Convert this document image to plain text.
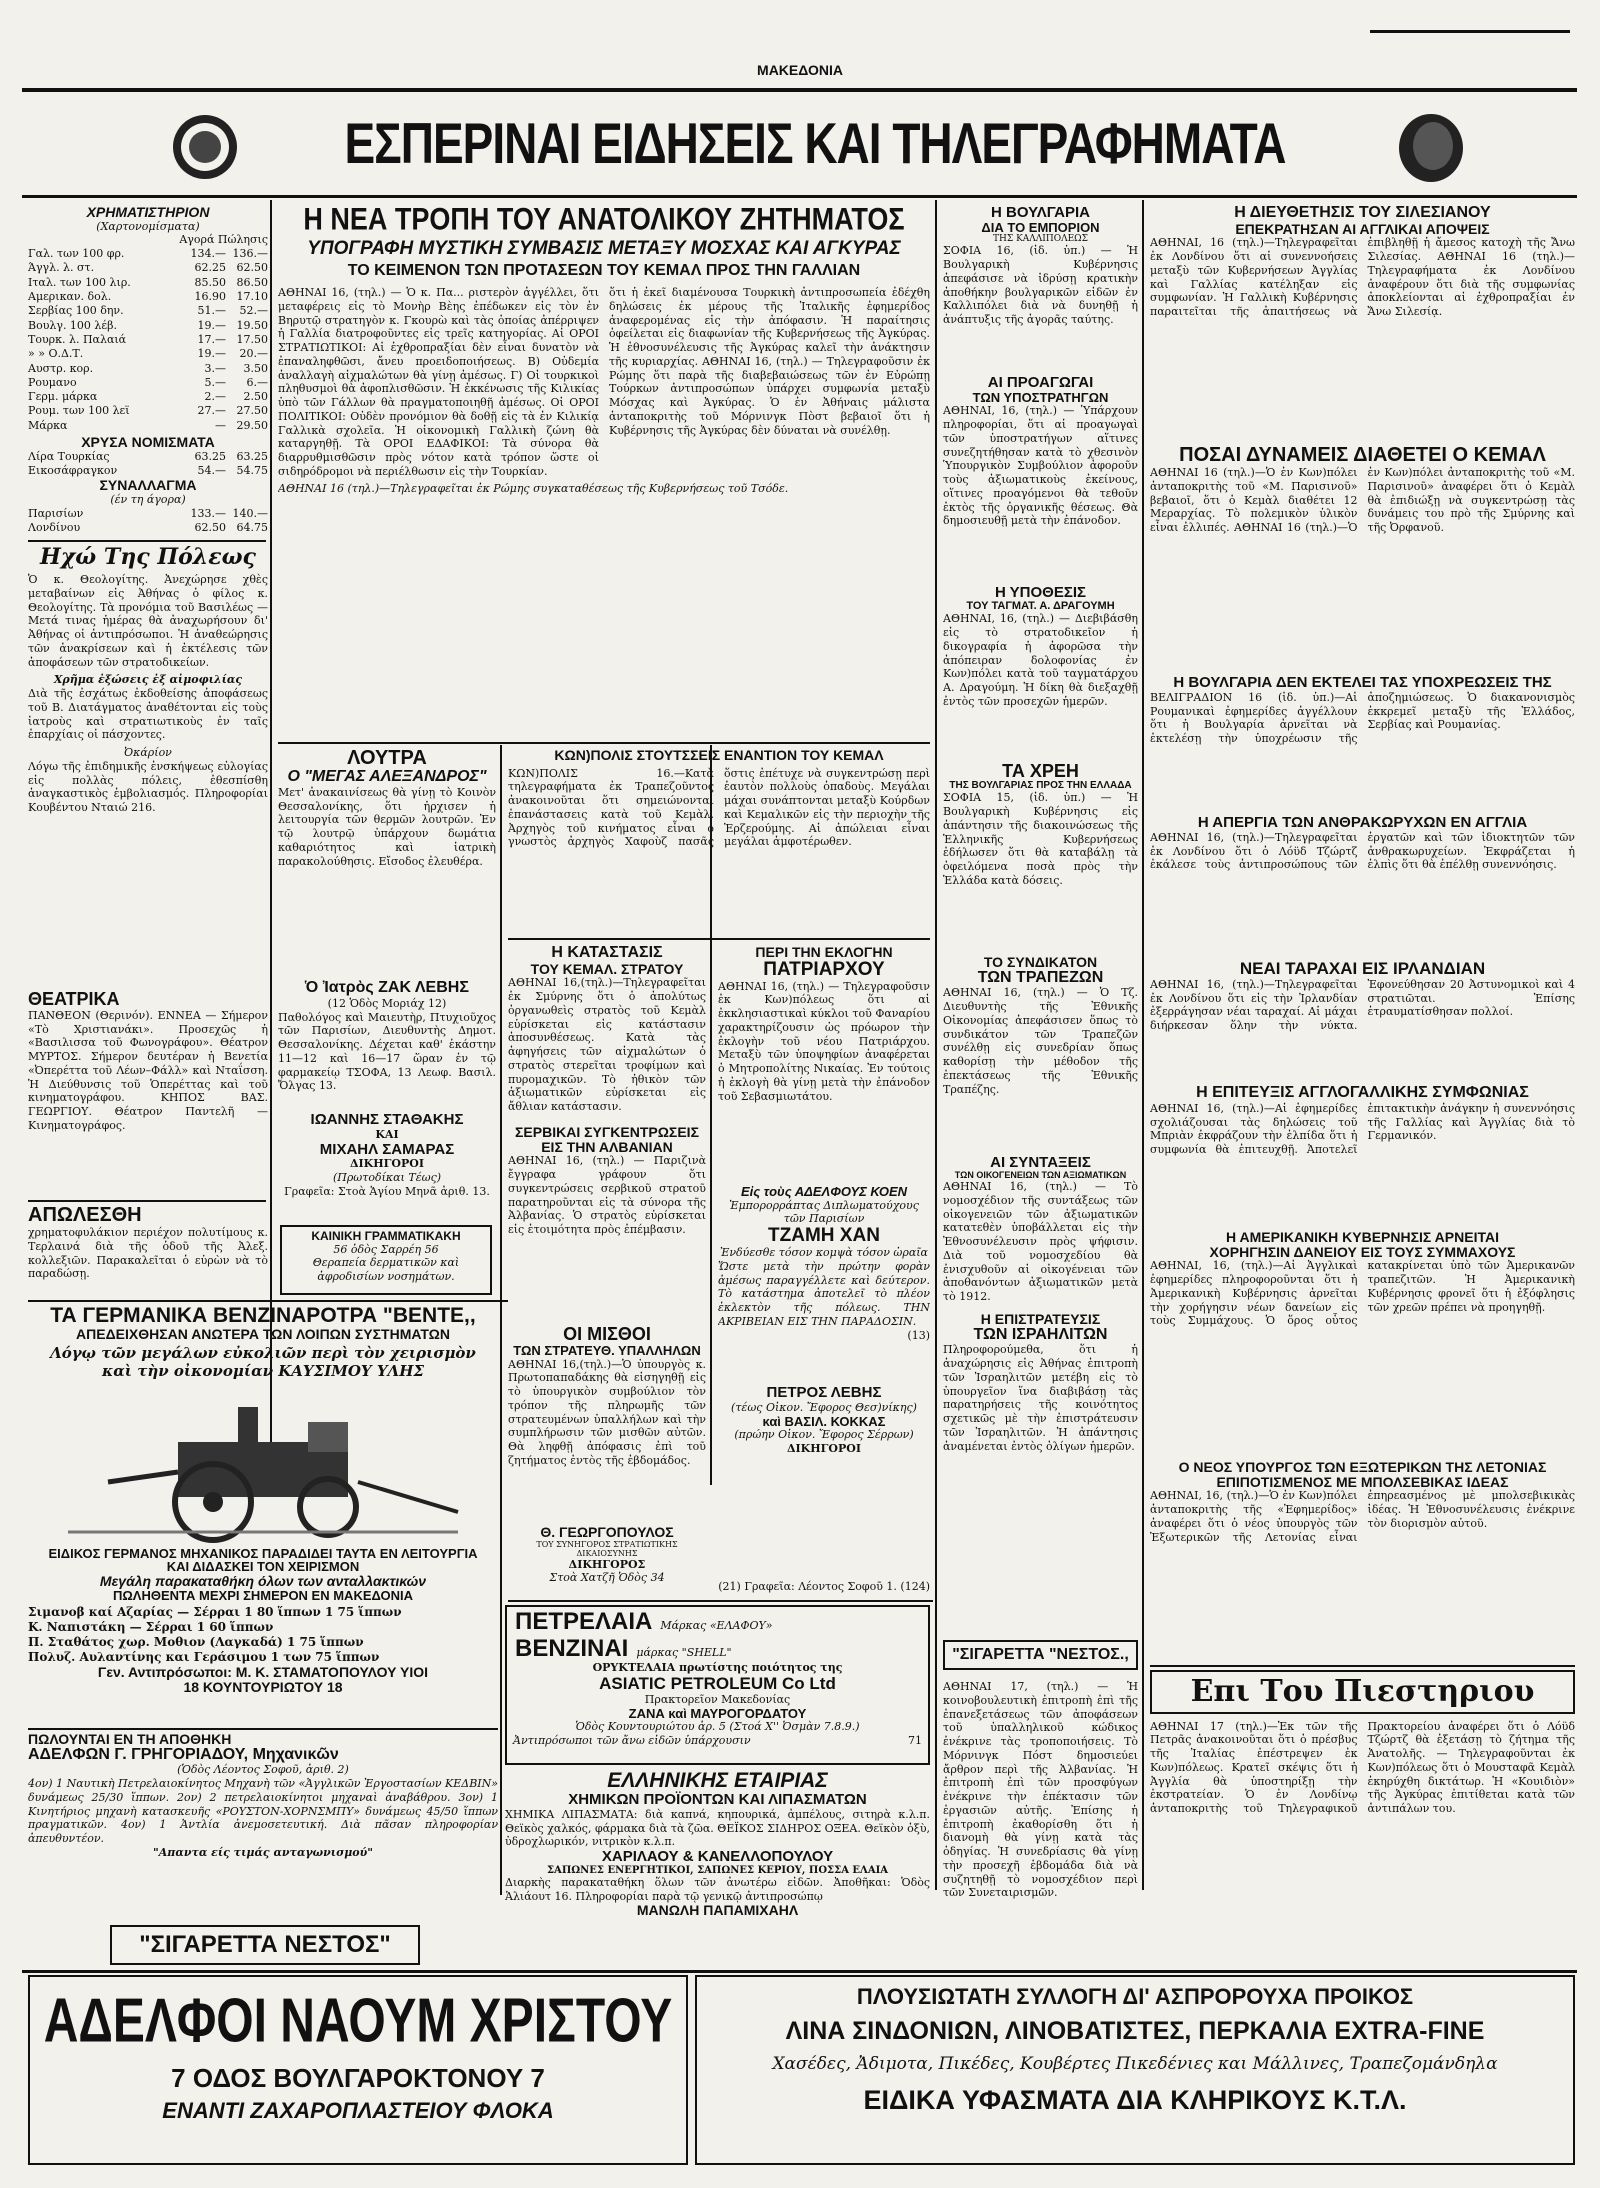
ΜΑΚΕΔΟΝΙΑ
ΕΣΠΕΡΙΝΑΙ ΕΙΔΗΣΕΙΣ ΚΑΙ ΤΗΛΕΓΡΑΦΗΜΑΤΑ
ΧΡΗΜΑΤΙΣΤΗΡΙΟΝ
(Χαρτονομίσματα)
Αγορά Πώλησις
Γαλ. των 100 φρ.	134.— 136.—
Άγγλ. λ. στ.	62.25 62.50
Ιταλ. των 100 λιρ.	85.50 86.50
Αμερικαν. δολ.	16.90 17.10
Σερβίας 100 δην.	51.—	52.—
Βουλγ. 100 λέβ.	19.— 19.50
Τουρκ. λ. Παλαιά	17.— 17.50
» » Ο.Δ.Τ.	19.—	20.—
Αυστρ. κορ.	3.—	3.50
Ρουμανο	5.—	6.—
Γερμ. μάρκα	2.—	2.50
Ρουμ. των 100 λεϊ	27.— 27.50
Μάρκα	— 29.50
ΧΡΥΣΑ ΝΟΜΙΣΜΑΤΑ
Λίρα Τουρκίας	63.25 63.25
Εικοσάφραγκον	54.— 54.75
ΣΥΝΑΛΛΑΓΜΑ
(έν τη άγορα)
Παρισίων	133.— 140.—
Λονδίνου	62.50 64.75
Ηχώ Της Πόλεως
Ὁ κ. Θεολογίτης. Ἀνεχώρησε χθὲς μεταβαίνων εἰς Ἀθήνας ὁ φίλος κ. Θεολογίτης. Τὰ προνόμια τοῦ Βασιλέως — Μετά τινας ἡμέρας θὰ ἀναχωρήσουν δι' Ἀθήνας οἱ ἀντιπρόσωποι. Ἡ ἀναθεώρησις τῶν ἀνακρίσεων καὶ ἡ ἐκτέλεσις τῶν ἀποφάσεων τῶν στρατοδικείων.
Χρῆμα ἐξώσεις ἐξ αἰμοφιλίας
Διὰ τῆς ἐσχάτως ἐκδοθείσης ἀποφάσεως τοῦ Β. Διατάγματος ἀναθέτονται εἰς τοὺς ἰατροὺς καὶ στρατιωτικοὺς ἐν ταῖς ἐπαρχίαις οἱ πάσχοντες.
Ὀκάρίον
Λόγω τῆς ἐπιδημικῆς ἐνσκήψεως εὐλογίας εἰς πολλὰς πόλεις, ἐθεσπίσθη ἀναγκαστικὸς ἐμβολιασμός. Πληροφορίαι Κουβέντου Νταιώ 216.
ΘΕΑΤΡΙΚΑ
ΠΑΝΘΕΟΝ (Θερινόν). ΕΝΝΕΑ — Σήμερον «Τὸ Χριστιανάκι». Προσεχῶς ἡ «Βασιλισσα τοῦ Φωνογράφου». Θέατρον ΜΥΡΤΟΣ. Σήμερον δευτέραν ἡ Βενετία «Ὀπερέττα τοῦ Λέων–Φάλλ» καὶ Νταΐσση. Ἡ Διεύθυνσις τοῦ Ὁπερέττας καὶ τοῦ κινηματογράφου. ΚΗΠΟΣ ΒΑΣ. ΓΕΩΡΓΙΟΥ. Θέατρον Παντελῆ — Κινηματογράφος.
ΑΠΩΛΕΣΘΗ
χρηματοφυλάκιον περιέχον πολυτίμους κ. Τερλαινά διὰ τῆς ὁδοῦ τῆς Ἀλεξ. κολλεξιῶν. Παρακαλεῖται ὁ εὑρὼν νὰ τὸ παραδώσῃ.
ΤΑ ΓΕΡΜΑΝΙΚΑ ΒΕΝΖΙΝΑΡΟΤΡΑ "ΒΕΝΤΕ,,
ΑΠΕΔΕΙΧΘΗΣΑΝ ΑΝΩΤΕΡΑ ΤΩΝ ΛΟΙΠΩΝ ΣΥΣΤΗΜΑΤΩΝ
Λόγῳ τῶν μεγάλων εὐκολιῶν περὶ τὸν χειρισμὸν καὶ τὴν οἰκονομίαν ΚΑΥΣΙΜΟΥ ΥΛΗΣ
ΕΙΔΙΚΟΣ ΓΕΡΜΑΝΟΣ ΜΗΧΑΝΙΚΟΣ ΠΑΡΑΔΙΔΕΙ ΤΑΥΤΑ ΕΝ ΛΕΙΤΟΥΡΓΙΑ
ΚΑΙ ΔΙΔΑΣΚΕΙ ΤΟΝ ΧΕΙΡΙΣΜΟΝ
Μεγάλη παρακαταθήκη όλων των ανταλλακτικών
ΠΩΛΗΘΕΝΤΑ ΜΕΧΡΙ ΣΗΜΕΡΟΝ ΕΝ ΜΑΚΕΔΟΝΙΑ
Σιμανοβ καί Αζαρίας — Σέρραι 1 80 ἵππων 1 75 ἵππων
Κ. Ναπιστάκη — Σέρραι 1 60 ἵππων
Π. Σταθάτος χωρ. Μοθιον (Λαγκαδά) 1 75 ἵππων
Πολυζ. Αυλαντίνης και Γεράσιμου 1 των 75 ἵππων
Γεν. Αντιπρόσωποι: Μ. Κ. ΣΤΑΜΑΤΟΠΟΥΛΟΥ ΥΙΟΙ
18 ΚΟΥΝΤΟΥΡΙΩΤΟΥ 18
ΠΩΛΟΥΝΤΑΙ ΕΝ ΤΗ ΑΠΟΘΗΚΗ
ΑΔΕΛΦΩΝ Γ. ΓΡΗΓΟΡΙΑΔΟΥ, Μηχανικῶν
(Ὁδὸς Λέοντος Σοφοῦ, ἀριθ. 2)
4ον) 1 Ναυτικὴ Πετρελαιοκίνητος Μηχανὴ τῶν «Ἀγγλικῶν Ἐργοστασίων ΚΕΔΒΙΝ» δυνάμεως 25/30 ἵππων. 2ον) 2 πετρελαιοκίνητοι μηχαναὶ ἀναβάθρου. 3ον) 1 Κινητήριος μηχανὴ κατασκευῆς «ΡΟΥΣΤΟΝ-ΧΟΡΝΣΜΠΥ» δυνάμεως 45/50 ἵππων πραγματικῶν. 4ον) 1 Ἀντλία ἀνεμοσετευτική. Διὰ πᾶσαν πληροφορίαν ἀπευθυντέον.
"Απαντα είς τιμάς ανταγωνισμού"
"ΣΙΓΑΡΕΤΤΑ ΝΕΣΤΟΣ"
Η ΝΕΑ ΤΡΟΠΗ ΤΟΥ ΑΝΑΤΟΛΙΚΟΥ ΖΗΤΗΜΑΤΟΣ
ΥΠΟΓΡΑΦΗ ΜΥΣΤΙΚΗ ΣΥΜΒΑΣΙΣ ΜΕΤΑΞΥ ΜΟΣΧΑΣ ΚΑΙ ΑΓΚΥΡΑΣ
ΤΟ ΚΕΙΜΕΝΟΝ ΤΩΝ ΠΡΟΤΑΣΕΩΝ ΤΟΥ ΚΕΜΑΛ ΠΡΟΣ ΤΗΝ ΓΑΛΛΙΑΝ
ΑΘΗΝΑΙ 16, (τηλ.) — Ὁ κ. Πα... ριστερὸν ἀγγέλλει, ὅτι μεταφέρεις εἰς τὸ Μονὴρ Βὲης ἐπέδωκεν εἰς τὸν ἐν Βηρυτῷ στρατηγὸν κ. Γκουρὼ καὶ τὰς ὁποίας ἀπέρριψεν ἡ Γαλλία διατροφοῦντες εἰς τρεῖς κατηγορίας. Αἱ ΟΡΟΙ ΣΤΡΑΤΙΩΤΙΚΟΙ: Αἱ ἐχθροπραξίαι δὲν εἶναι δυνατὸν νὰ ἐπαναληφθῶσι, ἄνευ προειδοποιήσεως. Β) Οὐδεμία ἀναλλαγὴ αἰχμαλώτων θὰ γίνῃ ἀμέσως. Γ) Οἱ τουρκικοὶ πληθυσμοὶ θὰ ἀφοπλισθῶσιν. Ἡ ἐκκένωσις τῆς Κιλικίας ὑπὸ τῶν Γάλλων θὰ πραγματοποιηθῇ ἀμέσως. Οἱ ΟΡΟΙ ΠΟΛΙΤΙΚΟΙ: Οὐδὲν προνόμιον θὰ δοθῇ εἰς τὰ ἐν Κιλικίᾳ Γαλλικὰ σχολεῖα. Ἡ οἰκονομικὴ Γαλλικὴ ζώνη θὰ καταργηθῇ. Τὰ ΟΡΟΙ ΕΔΑΦΙΚΟΙ: Τὰ σύνορα θὰ διαρρυθμισθῶσιν πρὸς νότον κατὰ τρόπον ὥστε οἱ σιδηρόδρομοι νὰ περιέλθωσιν εἰς τὴν Τουρκίαν.
ὅτι ἡ ἐκεῖ διαμένουσα Τουρκικὴ ἀντιπροσωπεία ἐδέχθη δηλώσεις ἐκ μέρους τῆς Ἰταλικῆς ἐφημερίδος ἀναφερομένας εἰς τὴν ἀπόφασιν. Ἡ παραίτησις ὀφείλεται εἰς διαφωνίαν τῆς Κυβερνήσεως τῆς Ἀγκύρας. Ἡ ἐθνοσυνέλευσις τῆς Ἀγκύρας καλεῖ τὴν ἀνάκτησιν τῆς κυριαρχίας. ΑΘΗΝΑΙ 16, (τηλ.) — Τηλεγραφοῦσιν ἐκ Ρώμης ὅτι παρὰ τῆς διαβεβαιώσεως τῶν ἐν Εὐρώπῃ Τούρκων ἀντιπροσώπων ὑπάρχει συμφωνία μεταξὺ Μόσχας καὶ Ἀγκύρας. Ὁ ἐν Ἀθήναις μάλιστα ἀνταποκριτὴς τοῦ Μόρνινγκ Πὸστ βεβαιοῖ ὅτι ἡ Κυβέρνησις τῆς Ἀγκύρας δὲν δύναται νὰ συνέλθῃ.
ΑΘΗΝΑΙ 16 (τηλ.)—Τηλεγραφεῖται ἐκ Ρώμης συγκαταθέσεως τῆς Κυβερνήσεως τοῦ Τσόδε.
ΛΟΥΤΡΑ
Ο "ΜΕΓΑΣ ΑΛΕΞΑΝΔΡΟΣ"
Μετ' ἀνακαινίσεως θὰ γίνῃ τὸ Κοινὸν Θεσσαλονίκης, ὅτι ἠρχισεν ἡ λειτουργία τῶν θερμῶν λουτρῶν. Ἐν τῷ λουτρῷ ὑπάρχουν δωμάτια καθαριότητος καὶ ἰατρικὴ παρακολούθησις. Εἴσοδος ἐλευθέρα.
Ὁ Ἰατρὸς ΖΑΚ ΛΕΒΗΣ
(12 Ὁδὸς Μοριάχ 12)
Παθολόγος καὶ Μαιευτὴρ, Πτυχιοῦχος τῶν Παρισίων, Διευθυντὴς Δημοτ. Θεσσαλονίκης. Δέχεται καθ' ἑκάστην 11—12 καὶ 16—17 ὥραν ἐν τῷ φαρμακείῳ ΤΣΟΦΑ, 13 Λεωφ. Βασιλ. Ὄλγας 13.
ΙΩΑΝΝΗΣ ΣΤΑΘΑΚΗΣ
ΚΑΙ
ΜΙΧΑΗΛ ΣΑΜΑΡΑΣ
ΔΙΚΗΓΟΡΟΙ
(Πρωτοδίκαι Τέως)
Γραφεῖα: Στοὰ Ἁγίου Μηνᾶ ἀριθ. 13.
ΚΑΙΝΙΚΗ ΓΡΑΜΜΑΤΙΚΑΚΗ
56 ὁδὸς Σαρρέη 56
Θεραπεία δερματικῶν καὶ ἀφροδισίων νοσημάτων.
ΚΩΝ)ΠΟΛΙΣ ΣΤΟΥΤΣΣΕΙΣ ΕΝΑΝΤΙΟΝ ΤΟΥ ΚΕΜΑΛ
ΚΩΝ)ΠΟΛΙΣ 16.—Κατὰ τηλεγραφήματα ἐκ Τραπεζοῦντος ἀνακοινοῦται ὅτι σημειώνονται ἐπανάστασεις κατὰ τοῦ Κεμὰλ. Ἀρχηγὸς τοῦ κινήματος εἶναι ὁ γνωστὸς ἀρχηγὸς Χαφοὺζ πασᾶς ὅστις ἐπέτυχε νὰ συγκεντρώσῃ περὶ ἑαυτὸν πολλοὺς ὁπαδοὺς. Μεγάλαι μάχαι συνάπτονται μεταξὺ Κούρδων καὶ Κεμαλικῶν εἰς τὴν περιοχὴν τῆς Ἐρζερούμης. Αἱ ἀπώλειαι εἶναι μεγάλαι ἀμφοτέρωθεν.
Η ΚΑΤΑΣΤΑΣΙΣ
ΤΟΥ ΚΕΜΑΛ. ΣΤΡΑΤΟΥ
ΑΘΗΝΑΙ 16,(τηλ.)—Τηλεγραφεῖται ἐκ Σμύρνης ὅτι ὁ ἀπολύτως ὀργανωθεὶς στρατὸς τοῦ Κεμὰλ εὑρίσκεται εἰς κατάστασιν ἀποσυνθέσεως. Κατὰ τὰς ἀφηγήσεις τῶν αἰχμαλώτων ὁ στρατὸς στερεῖται τροφίμων καὶ πυρομαχικῶν. Τὸ ἠθικὸν τῶν ἀξιωματικῶν εὑρίσκεται εἰς ἄθλιαν κατάστασιν.
ΣΕΡΒΙΚΑΙ ΣΥΓΚΕΝΤΡΩΣΕΙΣ
ΕΙΣ ΤΗΝ ΑΛΒΑΝΙΑΝ
ΑΘΗΝΑΙ 16, (τηλ.) — Παριζινὰ ἔγγραφα γράφουν ὅτι συγκεντρώσεις σερβικοῦ στρατοῦ παρατηροῦνται εἰς τὰ σύνορα τῆς Ἀλβανίας. Ὁ στρατὸς εὑρίσκεται εἰς ἑτοιμότητα πρὸς ἐπέμβασιν.
ΟΙ ΜΙΣΘΟΙ
ΤΩΝ ΣΤΡΑΤΕΥΘ. ΥΠΑΛΛΗΛΩΝ
ΑΘΗΝΑΙ 16,(τηλ.)—Ὁ ὑπουργὸς κ. Πρωτοπαπαδάκης θὰ εἰσηγηθῇ εἰς τὸ ὑπουργικὸν συμβούλιον τὸν τρόπον τῆς πληρωμῆς τῶν στρατευμένων ὑπαλλήλων καὶ τὴν συμπλήρωσιν τῶν μισθῶν αὐτῶν. Θὰ ληφθῇ ἀπόφασις ἐπὶ τοῦ ζητήματος ἐντὸς τῆς ἑβδομάδος.
Θ. ΓΕΩΡΓΟΠΟΥΛΟΣ
ΤΟΥ ΣΥΝΗΓΟΡΟΣ ΣΤΡΑΤΙΩΤΙΚΗΣ ΔΙΚΑΙΟΣΥΝΗΣ
ΔΙΚΗΓΟΡΟΣ
Στοὰ Χατζῆ Ὁδὸς 34
ΠΕΡΙ ΤΗΝ ΕΚΛΟΓΗΝ
ΠΑΤΡΙΑΡΧΟΥ
ΑΘΗΝΑΙ 16, (τηλ.) — Τηλεγραφοῦσιν ἐκ Κων)πόλεως ὅτι αἱ ἐκκλησιαστικαὶ κύκλοι τοῦ Φαναρίου χαρακτηρίζουσιν ὡς πρόωρον τὴν ἐκλογὴν τοῦ νέου Πατριάρχου. Μεταξὺ τῶν ὑποψηφίων ἀναφέρεται ὁ Μητροπολίτης Νικαίας. Ἐν τούτοις ἡ ἐκλογὴ θὰ γίνῃ μετὰ τὴν ἐπάνοδον τοῦ Σεβασμιωτάτου.
Εἰς τοὺς ΑΔΕΛΦΟΥΣ ΚΟΕΝ
Ἐμπορορράπτας Διπλωματούχους τῶν Παρισίων
ΤΖΑΜΗ ΧΑΝ
Ἐνδύεσθε τόσον κομψὰ τόσον ὡραῖα
Ὥστε μετὰ τὴν πρώτην φορὰν ἀμέσως παραγγέλλετε καὶ δεύτερον. Τὸ κατάστημα ἀποτελεῖ τὸ πλέον ἐκλεκτὸν τῆς πόλεως. ΤΗΝ ΑΚΡΙΒΕΙΑΝ ΕΙΣ ΤΗΝ ΠΑΡΑΔΟΣΙΝ.
(13)
ΠΕΤΡΟΣ ΛΕΒΗΣ
(τέως Οἰκον. Ἔφορος Θεσ)νίκης)
καὶ ΒΑΣΙΛ. ΚΟΚΚΑΣ
(πρώην Οἰκον. Ἔφορος Σέρρων)
ΔΙΚΗΓΟΡΟΙ
(21) Γραφεῖα: Λέοντος Σοφοῦ 1. (124)
ΠΕΤΡΕΛΑΙΑ Μάρκας «ΕΛΑΦΟΥ»
BENZINAI μάρκας "SHELL"
ΟΡΥΚΤΕΛΑΙΑ πρωτίστης ποιότητος της
ASIATIC PETROLEUM Co Ltd
Πρακτορεῖον Μακεδονίας
ΖΑΝΑ καὶ ΜΑΥΡΟΓΟΡΔΑΤΟΥ
Ὁδὸς Κουντουριώτου ἀρ. 5 (Στοά Χ'' Ὀσμὰν 7.8.9.)
Ἀντιπρόσωποι τῶν ἄνω εἰδῶν ὑπάρχουσιν	71
ΕΛΛΗΝΙΚΗΣ ΕΤΑΙΡΙΑΣ
ΧΗΜΙΚΩΝ ΠΡΟΪΟΝΤΩΝ ΚΑΙ ΛΙΠΑΣΜΑΤΩΝ
ΧΗΜΙΚΑ ΛΙΠΑΣΜΑΤΑ: διὰ καπνά, κηπουρικά, ἀμπέλους, σιτηρὰ κ.λ.π. Θεϊκὸς χαλκός, φάρμακα διὰ τὰ ζῶα. ΘΕΪΚΟΣ ΣΙΔΗΡΟΣ ΟΞΕΑ. Θεϊκὸν ὀξὺ, ὑδροχλωρικόν, νιτρικὸν κ.λ.π.
ΧΑΡΙΛΑΟΥ & ΚΑΝΕΛΛΟΠΟΥΛΟΥ
ΣΑΠΩΝΕΣ ΕΝΕΡΓΗΤΙΚΟΙ, ΣΑΠΩΝΕΣ ΚΕΡΙΟΥ, ΠΟΣΣΑ ΕΛΑΙΑ
Διαρκὴς παρακαταθήκη ὅλων τῶν ἀνωτέρω εἰδῶν. Ἀποθῆκαι: Ὁδὸς Ἁλιάουτ 16. Πληροφορίαι παρὰ τῷ γενικῷ ἀντιπροσώπῳ
ΜΑΝΩΛΗ ΠΑΠΑΜΙΧΑΗΛ
Η ΒΟΥΛΓΑΡΙΑ
ΔΙΑ ΤΟ ΕΜΠΟΡΙΟΝ
ΤΗΣ ΚΑΛΛΙΠΟΛΕΩΣ
ΣΟΦΙΑ 16, (ἰδ. ὑπ.) — Ἡ Βουλγαρικὴ Κυβέρνησις ἀπεφάσισε νὰ ἱδρύσῃ κρατικὴν ἀποθήκην βουλγαρικῶν εἰδῶν ἐν Καλλιπόλει διὰ νὰ δυνηθῇ ἡ ἀνάπτυξις τῆς ἀγορᾶς ταύτης.
ΑΙ ΠΡΟΑΓΩΓΑΙ
ΤΩΝ ΥΠΟΣΤΡΑΤΗΓΩΝ
ΑΘΗΝΑΙ, 16, (τηλ.) — Ὑπάρχουν πληροφορίαι, ὅτι αἱ προαγωγαὶ τῶν ὑποστρατήγων αἵτινες συνεζητήθησαν κατὰ τὸ χθεσινὸν Ὑπουργικὸν Συμβούλιον ἀφοροῦν τοὺς ἀξιωματικοὺς ἐκείνους, οἵτινες προαγόμενοι θὰ τεθοῦν ἐκτὸς τῆς ὀργανικῆς θέσεως. Θὰ δημοσιευθῇ μετὰ τὴν ἐπάνοδον.
Η ΥΠΟΘΕΣΙΣ
ΤΟΥ ΤΑΓΜΑΤ. Α. ΔΡΑΓΟΥΜΗ
ΑΘΗΝΑΙ, 16, (τηλ.) — Διεβιβάσθη εἰς τὸ στρατοδικεῖον ἡ δικογραφία ἡ ἀφορῶσα τὴν ἀπόπειραν δολοφονίας ἐν Κων)πόλει κατὰ τοῦ ταγματάρχου Α. Δραγούμη. Ἡ δίκη θὰ διεξαχθῇ ἐντὸς τῶν προσεχῶν ἡμερῶν.
ΤΑ ΧΡΕΗ
ΤΗΣ ΒΟΥΛΓΑΡΙΑΣ ΠΡΟΣ ΤΗΝ ΕΛΛΑΔΑ
ΣΟΦΙΑ 15, (ἰδ. ὑπ.) — Ἡ Βουλγαρικὴ Κυβέρνησις εἰς ἀπάντησιν τῆς διακοινώσεως τῆς Ἑλληνικῆς Κυβερνήσεως ἐδήλωσεν ὅτι θὰ καταβάλῃ τὰ ὀφειλόμενα ποσὰ πρὸς τὴν Ἑλλάδα κατὰ δόσεις.
ΤΟ ΣΥΝΔΙΚΑΤΟΝ
ΤΩΝ ΤΡΑΠΕΖΩΝ
ΑΘΗΝΑΙ 16, (τηλ.) — Ὁ Τζ. Διευθυντὴς τῆς Ἐθνικῆς Οἰκονομίας ἀπεφάσισεν ὅπως τὸ συνδικάτον τῶν Τραπεζῶν συνέλθῃ εἰς συνεδρίαν ὅπως καθορίσῃ τὴν μέθοδον τῆς ἐπεκτάσεως τῆς Ἐθνικῆς Τραπέζης.
ΑΙ ΣΥΝΤΑΞΕΙΣ
ΤΩΝ ΟΙΚΟΓΕΝΕΙΩΝ ΤΩΝ ΑΞΙΩΜΑΤΙΚΩΝ
ΑΘΗΝΑΙ 16, (τηλ.) — Τὸ νομοσχέδιον τῆς συντάξεως τῶν οἰκογενειῶν τῶν ἀξιωματικῶν κατατεθὲν ὑποβάλλεται εἰς τὴν Ἐθνοσυνέλευσιν πρὸς ψήφισιν. Διὰ τοῦ νομοσχεδίου θὰ ἐνισχυθοῦν αἱ οἰκογένειαι τῶν ἀποθανόντων ἀξιωματικῶν μετὰ τὸ 1912.
Η ΕΠΙΣΤΡΑΤΕΥΣΙΣ
ΤΩΝ ΙΣΡΑΗΛΙΤΩΝ
Πληροφορούμεθα, ὅτι ἡ ἀναχώρησις εἰς Ἀθήνας ἐπιτροπὴ τῶν Ἰσραηλιτῶν μετέβη εἰς τὸ ὑπουργεῖον ἵνα διαβιβάσῃ τὰς παρατηρήσεις τῆς κοινότητος σχετικῶς μὲ τὴν ἐπιστράτευσιν τῶν Ἰσραηλιτῶν. Ἡ ἀπάντησις ἀναμένεται ἐντὸς ὀλίγων ἡμερῶν.
"ΣΙΓΑΡΕΤΤΑ "ΝΕΣΤΟΣ.,
ΑΘΗΝΑΙ 17, (τηλ.) — Ἡ κοινοβουλευτικὴ ἐπιτροπὴ ἐπὶ τῆς ἐπανεξετάσεως τῶν ἀποφάσεων τοῦ ὑπαλληλικοῦ κώδικος ἐνέκρινε τὰς τροποποιήσεις. Τὸ Μόρνινγκ Πόστ δημοσιεύει ἄρθρον περὶ τῆς Ἀλβανίας. Ἡ ἐπιτροπὴ ἐπὶ τῶν προσφύγων ἐνέκρινε τὴν ἐπέκτασιν τῶν ἐργασιῶν αὐτῆς. Ἐπίσης ἡ ἐπιτροπὴ ἐκαθορίσθη ὅτι ἡ διανομὴ θὰ γίνῃ κατὰ τὰς ὁδηγίας. Ἡ συνεδρίασις θὰ γίνῃ τὴν προσεχῆ ἑβδομάδα διὰ νὰ συζητηθῇ τὸ νομοσχέδιον περὶ τῶν Συνεταιρισμῶν.
Η ΔΙΕΥΘΕΤΗΣΙΣ ΤΟΥ ΣΙΛΕΣΙΑΝΟΥ
ΕΠΕΚΡΑΤΗΣΑΝ ΑΙ ΑΓΓΛΙΚΑΙ ΑΠΟΨΕΙΣ
ΑΘΗΝΑΙ, 16 (τηλ.)—Τηλεγραφεῖται ἐκ Λονδίνου ὅτι αἱ συνεννοήσεις μεταξὺ τῶν Κυβερνήσεων Ἀγγλίας καὶ Γαλλίας κατέληξαν εἰς συμφωνίαν. Ἡ Γαλλικὴ Κυβέρνησις παραιτεῖται τῆς ἀπαιτήσεως νὰ ἐπιβληθῇ ἡ ἄμεσος κατοχὴ τῆς Ἄνω Σιλεσίας. ΑΘΗΝΑΙ 16 (τηλ.)—Τηλεγραφήματα ἐκ Λονδίνου ἀναφέρουν ὅτι διὰ τῆς συμφωνίας ἀποκλείονται αἱ ἐχθροπραξίαι ἐν Ἄνω Σιλεσίᾳ.
ΠΟΣΑΙ ΔΥΝΑΜΕΙΣ ΔΙΑΘΕΤΕΙ Ο ΚΕΜΑΛ
ΑΘΗΝΑΙ 16 (τηλ.)—Ὁ ἐν Κων)πόλει ἀνταποκριτὴς τοῦ «Μ. Παρισινοῦ» βεβαιοῖ, ὅτι ὁ Κεμὰλ διαθέτει 12 Μεραρχίας. Τὸ πολεμικὸν ὑλικὸν εἶναι ἐλλιπές. ΑΘΗΝΑΙ 16 (τηλ.)—Ὁ ἐν Κων)πόλει ἀνταποκριτὴς τοῦ «Μ. Παρισινοῦ» ἀναφέρει ὅτι ὁ Κεμὰλ θὰ ἐπιδιώξῃ νὰ συγκεντρώσῃ τὰς δυνάμεις του πρὸ τῆς Σμύρνης καὶ τῆς Ὀρφανοῦ.
Η ΒΟΥΛΓΑΡΙΑ ΔΕΝ ΕΚΤΕΛΕΙ ΤΑΣ ΥΠΟΧΡΕΩΣΕΙΣ ΤΗΣ
ΒΕΛΙΓΡΑΔΙΟΝ 16 (ἰδ. ὑπ.)—Αἱ Ρουμανικαὶ ἐφημερίδες ἀγγέλλουν ὅτι ἡ Βουλγαρία ἀρνεῖται νὰ ἐκτελέσῃ τὴν ὑποχρέωσιν τῆς ἀποζημιώσεως. Ὁ διακανονισμὸς ἐκκρεμεῖ μεταξὺ τῆς Ἑλλάδος, Σερβίας καὶ Ρουμανίας.
Η ΑΠΕΡΓΙΑ ΤΩΝ ΑΝΘΡΑΚΩΡΥΧΩΝ ΕΝ ΑΓΓΛΙΑ
ΑΘΗΝΑΙ 16, (τηλ.)—Τηλεγραφεῖται ἐκ Λονδίνου ὅτι ὁ Λόϋδ Τζώρτζ ἐκάλεσε τοὺς ἀντιπροσώπους τῶν ἐργατῶν καὶ τῶν ἰδιοκτητῶν τῶν ἀνθρακωρυχείων. Ἐκφράζεται ἡ ἐλπὶς ὅτι θὰ ἐπέλθῃ συνεννόησις.
ΝΕΑΙ ΤΑΡΑΧΑΙ ΕΙΣ ΙΡΛΑΝΔΙΑΝ
ΑΘΗΝΑΙ 16, (τηλ.)—Τηλεγραφεῖται ἐκ Λονδίνου ὅτι εἰς τὴν Ἰρλανδίαν ἐξερράγησαν νέαι ταραχαί. Αἱ μάχαι διήρκεσαν ὅλην τὴν νύκτα. Ἐφονεύθησαν 20 Ἀστυνομικοὶ καὶ 4 στρατιῶται. Ἐπίσης ἐτραυματίσθησαν πολλοί.
Η ΕΠΙΤΕΥΞΙΣ ΑΓΓΛΟΓΑΛΛΙΚΗΣ ΣΥΜΦΩΝΙΑΣ
ΑΘΗΝΑΙ 16, (τηλ.)—Αἱ ἐφημερίδες σχολιάζουσαι τὰς δηλώσεις τοῦ Μπριὰν ἐκφράζουν τὴν ἐλπίδα ὅτι ἡ συμφωνία θὰ ἐπιτευχθῇ. Ἀποτελεῖ ἐπιτακτικὴν ἀνάγκην ἡ συνεννόησις τῆς Γαλλίας καὶ Ἀγγλίας διὰ τὸ Γερμανικόν.
Η ΑΜΕΡΙΚΑΝΙΚΗ ΚΥΒΕΡΝΗΣΙΣ ΑΡΝΕΙΤΑΙ
ΧΟΡΗΓΗΣΙΝ ΔΑΝΕΙΟΥ ΕΙΣ ΤΟΥΣ ΣΥΜΜΑΧΟΥΣ
ΑΘΗΝΑΙ, 16, (τηλ.)—Αἱ Ἀγγλικαὶ ἐφημερίδες πληροφοροῦνται ὅτι ἡ Ἀμερικανικὴ Κυβέρνησις ἀρνεῖται τὴν χορήγησιν νέων δανείων εἰς τοὺς Συμμάχους. Ὁ ὅρος οὗτος κατακρίνεται ὑπὸ τῶν Ἀμερικανῶν τραπεζιτῶν. Ἡ Ἀμερικανικὴ Κυβέρνησις φρονεῖ ὅτι ἡ ἐξόφλησις τῶν χρεῶν πρέπει νὰ προηγηθῇ.
Ο ΝΕΟΣ ΥΠΟΥΡΓΟΣ ΤΩΝ ΕΞΩΤΕΡΙΚΩΝ ΤΗΣ ΛΕΤΟΝΙΑΣ
ΕΠΙΠΟΤΙΣΜΕΝΟΣ ΜΕ ΜΠΟΛΣΕΒΙΚΑΣ ΙΔΕΑΣ
ΑΘΗΝΑΙ, 16, (τηλ.)—Ὁ ἐν Κων)πόλει ἀνταποκριτὴς τῆς «Ἐφημερίδος» ἀναφέρει ὅτι ὁ νέος ὑπουργὸς τῶν Ἐξωτερικῶν τῆς Λετονίας εἶναι ἐπηρεασμένος μὲ μπολσεβικικὰς ἰδέας. Ἡ Ἐθνοσυνέλευσις ἐνέκρινε τὸν διορισμὸν αὐτοῦ.
Επι Του Πιεστηριου
ΑΘΗΝΑΙ 17 (τηλ.)—Ἐκ τῶν τῆς Πετρᾶς ἀνακοινοῦται ὅτι ὁ πρέσβυς τῆς Ἰταλίας ἐπέστρεψεν ἐκ Κων)πόλεως. Κρατεῖ σκέψις ὅτι ἡ Ἀγγλία θὰ ὑποστηρίξῃ τὴν ἐκστρατείαν. Ὁ ἐν Λονδίνῳ ἀνταποκριτὴς τοῦ Τηλεγραφικοῦ Πρακτορείου ἀναφέρει ὅτι ὁ Λόϋδ Τζώρτζ θὰ ἐξετάσῃ τὸ ζήτημα τῆς Ἀνατολῆς. — Τηλεγραφοῦνται ἐκ Κων)πόλεως ὅτι ὁ Μουσταφᾶ Κεμὰλ ἐκηρύχθη δικτάτωρ. Ἡ «Κουιδιὸν» τῆς Ἀγκύρας ἐπιτίθεται κατὰ τῶν ἀντιπάλων του.
ΑΔΕΛΦΟΙ ΝΑΟΥΜ ΧΡΙΣΤΟΥ
7 ΟΔΟΣ ΒΟΥΛΓΑΡΟΚΤΟΝΟΥ 7
ΕΝΑΝΤΙ ΖΑΧΑΡΟΠΛΑΣΤΕΙΟΥ ΦΛΟΚΑ
ΠΛΟΥΣΙΩΤΑΤΗ ΣΥΛΛΟΓΗ ΔΙ' ΑΣΠΡΟΡΟΥΧΑ ΠΡΟΙΚΟΣ
ΛΙΝΑ ΣΙΝΔΟΝΙΩΝ, ΛΙΝΟΒΑΤΙΣΤΕΣ, ΠΕΡΚΑΛΙΑ EXTRA-FINE
Χασέδες, Ἀδιμοτα, Πικέδες, Κουβέρτες Πικεδένιες και Μάλλινες, Τραπεζομάνδηλα
ΕΙΔΙΚΑ ΥΦΑΣΜΑΤΑ ΔΙΑ ΚΛΗΡΙΚΟΥΣ Κ.Τ.Λ.
